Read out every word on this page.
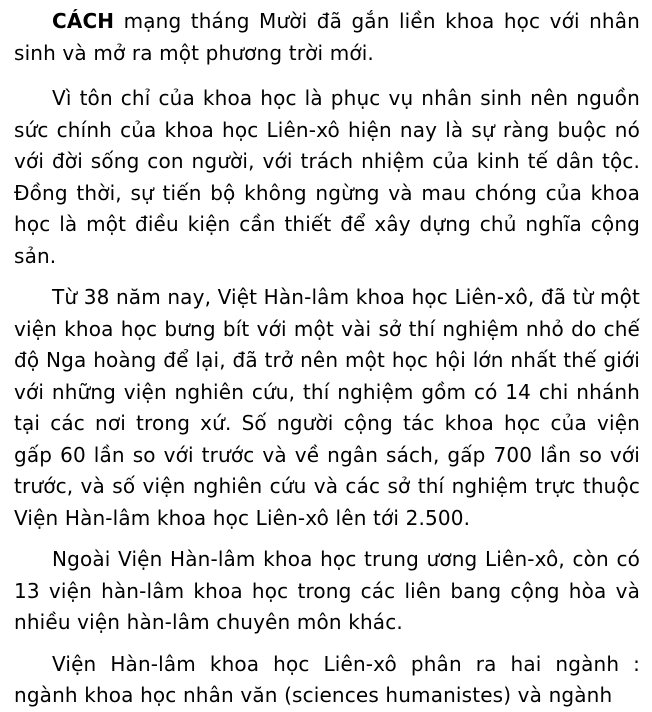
CÁCH mạng tháng Mười đã gắn liền khoa học với nhân sinh và mở ra một phương trời mới.

Vì tôn chỉ của khoa học là phục vụ nhân sinh nên nguồn sức chính của khoa học Liên-xô hiện nay là sự ràng buộc nó với đời sống con người, với trách nhiệm của kinh tế dân tộc. Đồng thời, sự tiến bộ không ngừng và mau chóng của khoa học là một điều kiện cần thiết để xây dựng chủ nghĩa cộng sản.

Từ 38 năm nay, Việt Hàn-lâm khoa học Liên-xô, đã từ một viện khoa học bưng bít với một vài sở thí nghiệm nhỏ do chế độ Nga hoàng để lại, đã trở nên một học hội lớn nhất thế giới với những viện nghiên cứu, thí nghiệm gồm có 14 chi nhánh tại các nơi trong xứ. Số người cộng tác khoa học của viện gấp 60 lần so với trước và về ngân sách, gấp 700 lần so với trước, và số viện nghiên cứu và các sở thí nghiệm trực thuộc Viện Hàn-lâm khoa học Liên-xô lên tới 2.500.

Ngoài Viện Hàn-lâm khoa học trung ương Liên-xô, còn có 13 viện hàn-lâm khoa học trong các liên bang cộng hòa và nhiều viện hàn-lâm chuyên môn khác.

Viện Hàn-lâm khoa học Liên-xô phân ra hai ngành : ngành khoa học nhân văn (sciences humanistes) và ngành
